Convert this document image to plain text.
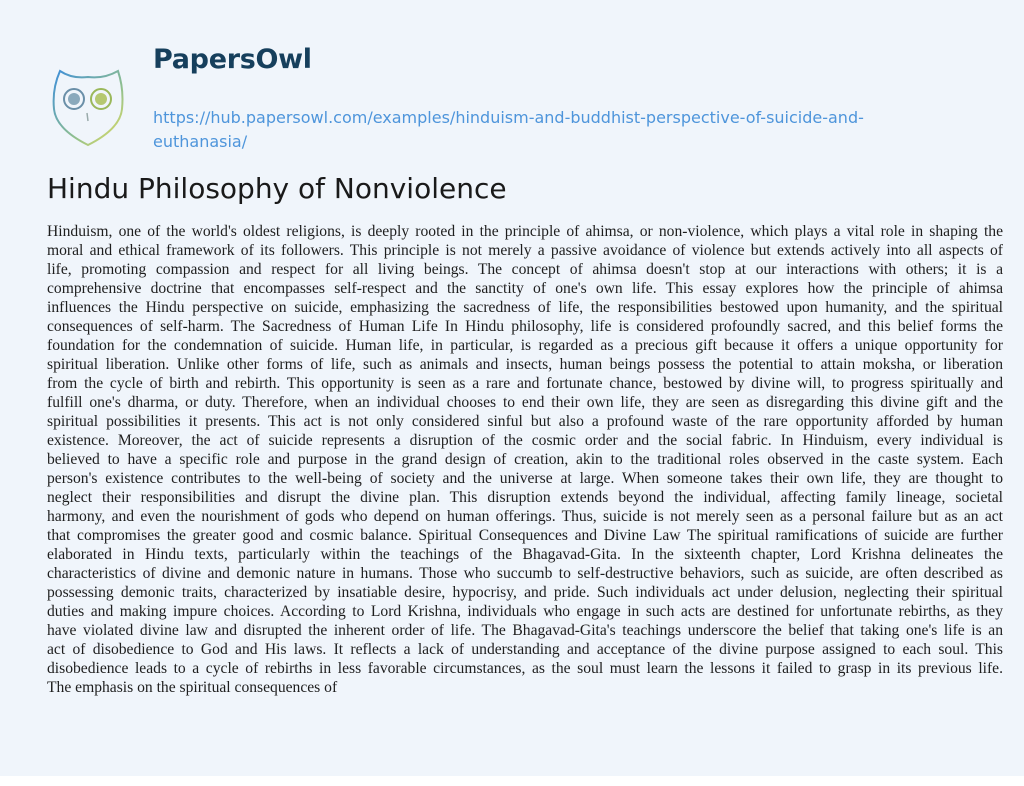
PapersOwl
https://hub.papersowl.com/examples/hinduism-and-buddhist-perspective-of-suicide-and-
euthanasia/
Hindu Philosophy of Nonviolence
Hinduism, one of the world's oldest religions, is deeply rooted in the principle of ahimsa, or non-violence, which plays a vital role in shaping the
moral and ethical framework of its followers. This principle is not merely a passive avoidance of violence but extends actively into all aspects of
life, promoting compassion and respect for all living beings. The concept of ahimsa doesn't stop at our interactions with others; it is a
comprehensive doctrine that encompasses self-respect and the sanctity of one's own life. This essay explores how the principle of ahimsa
influences the Hindu perspective on suicide, emphasizing the sacredness of life, the responsibilities bestowed upon humanity, and the spiritual
consequences of self-harm. The Sacredness of Human Life In Hindu philosophy, life is considered profoundly sacred, and this belief forms the
foundation for the condemnation of suicide. Human life, in particular, is regarded as a precious gift because it offers a unique opportunity for
spiritual liberation. Unlike other forms of life, such as animals and insects, human beings possess the potential to attain moksha, or liberation
from the cycle of birth and rebirth. This opportunity is seen as a rare and fortunate chance, bestowed by divine will, to progress spiritually and
fulfill one's dharma, or duty. Therefore, when an individual chooses to end their own life, they are seen as disregarding this divine gift and the
spiritual possibilities it presents. This act is not only considered sinful but also a profound waste of the rare opportunity afforded by human
existence. Moreover, the act of suicide represents a disruption of the cosmic order and the social fabric. In Hinduism, every individual is
believed to have a specific role and purpose in the grand design of creation, akin to the traditional roles observed in the caste system. Each
person's existence contributes to the well-being of society and the universe at large. When someone takes their own life, they are thought to
neglect their responsibilities and disrupt the divine plan. This disruption extends beyond the individual, affecting family lineage, societal
harmony, and even the nourishment of gods who depend on human offerings. Thus, suicide is not merely seen as a personal failure but as an act
that compromises the greater good and cosmic balance. Spiritual Consequences and Divine Law The spiritual ramifications of suicide are further
elaborated in Hindu texts, particularly within the teachings of the Bhagavad-Gita. In the sixteenth chapter, Lord Krishna delineates the
characteristics of divine and demonic nature in humans. Those who succumb to self-destructive behaviors, such as suicide, are often described as
possessing demonic traits, characterized by insatiable desire, hypocrisy, and pride. Such individuals act under delusion, neglecting their spiritual
duties and making impure choices. According to Lord Krishna, individuals who engage in such acts are destined for unfortunate rebirths, as they
have violated divine law and disrupted the inherent order of life. The Bhagavad-Gita's teachings underscore the belief that taking one's life is an
act of disobedience to God and His laws. It reflects a lack of understanding and acceptance of the divine purpose assigned to each soul. This
disobedience leads to a cycle of rebirths in less favorable circumstances, as the soul must learn the lessons it failed to grasp in its previous life.
The emphasis on the spiritual consequences of
